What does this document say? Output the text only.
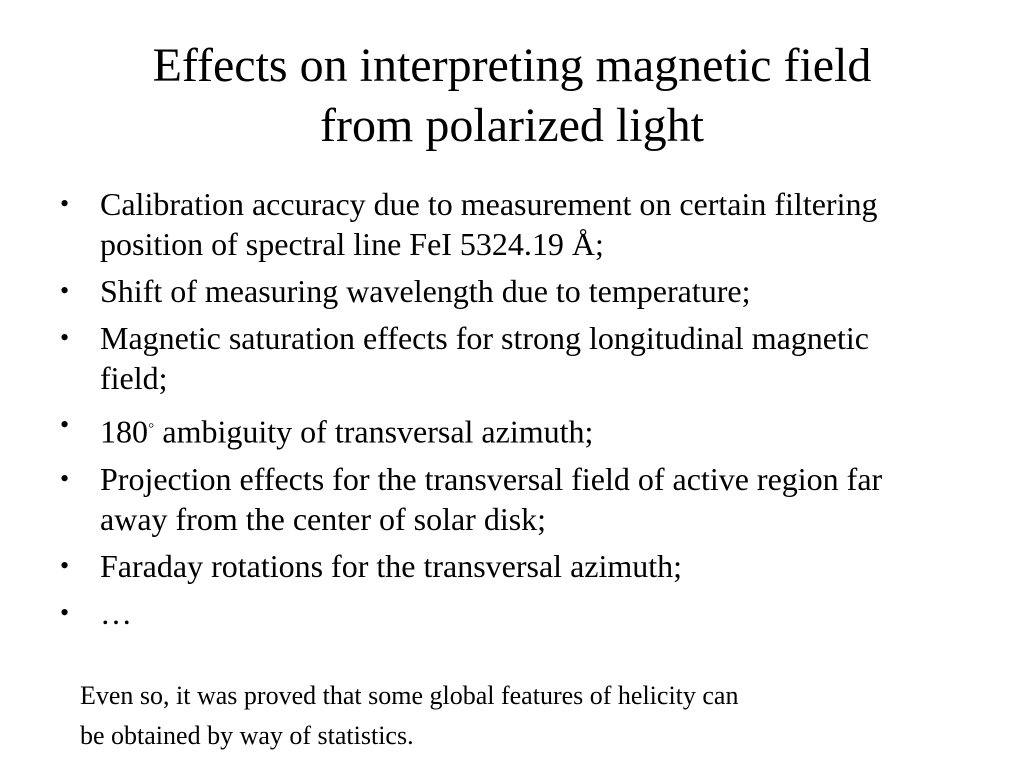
Effects on interpreting magnetic field
from polarized light
• Calibration accuracy due to measurement on certain filtering position of spectral line FeI 5324.19 Å;
• Shift of measuring wavelength due to temperature;
• Magnetic saturation effects for strong longitudinal magnetic field;
• 180◦ ambiguity of transversal azimuth;
• Projection effects for the transversal field of active region far away from the center of solar disk;
• Faraday rotations for the transversal azimuth;
• …

Even so, it was proved that some global features of helicity can
be obtained by way of statistics.
